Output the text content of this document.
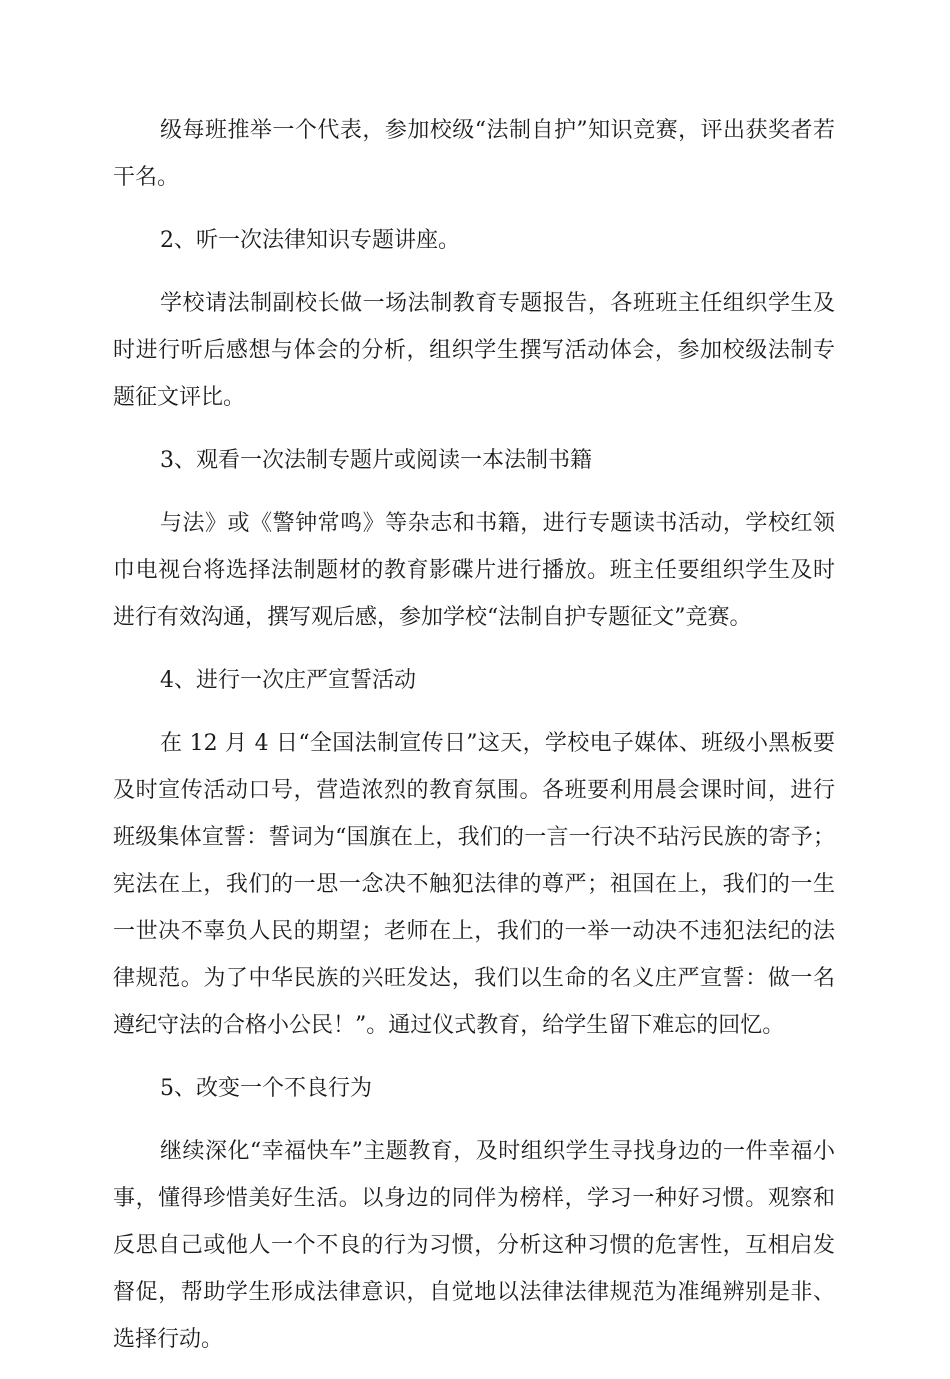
级每班推举一个代表，参加校级“法制自护”知识竞赛，评出获奖者若干名。

2、听一次法律知识专题讲座。

学校请法制副校长做一场法制教育专题报告，各班班主任组织学生及时进行听后感想与体会的分析，组织学生撰写活动体会，参加校级法制专题征文评比。

3、观看一次法制专题片或阅读一本法制书籍

与法》或《警钟常鸣》等杂志和书籍，进行专题读书活动，学校红领巾电视台将选择法制题材的教育影碟片进行播放。班主任要组织学生及时进行有效沟通，撰写观后感，参加学校“法制自护专题征文”竞赛。

4、进行一次庄严宣誓活动

在 12 月 4 日“全国法制宣传日”这天，学校电子媒体、班级小黑板要及时宣传活动口号，营造浓烈的教育氛围。各班要利用晨会课时间，进行班级集体宣誓：誓词为“国旗在上，我们的一言一行决不玷污民族的寄予；宪法在上，我们的一思一念决不触犯法律的尊严；祖国在上，我们的一生一世决不辜负人民的期望；老师在上，我们的一举一动决不违犯法纪的法律规范。为了中华民族的兴旺发达，我们以生命的名义庄严宣誓：做一名遵纪守法的合格小公民！”。通过仪式教育，给学生留下难忘的回忆。

5、改变一个不良行为

继续深化“幸福快车”主题教育，及时组织学生寻找身边的一件幸福小事，懂得珍惜美好生活。以身边的同伴为榜样，学习一种好习惯。观察和反思自己或他人一个不良的行为习惯，分析这种习惯的危害性，互相启发督促，帮助学生形成法律意识，自觉地以法律法律规范为准绳辨别是非、选择行动。
